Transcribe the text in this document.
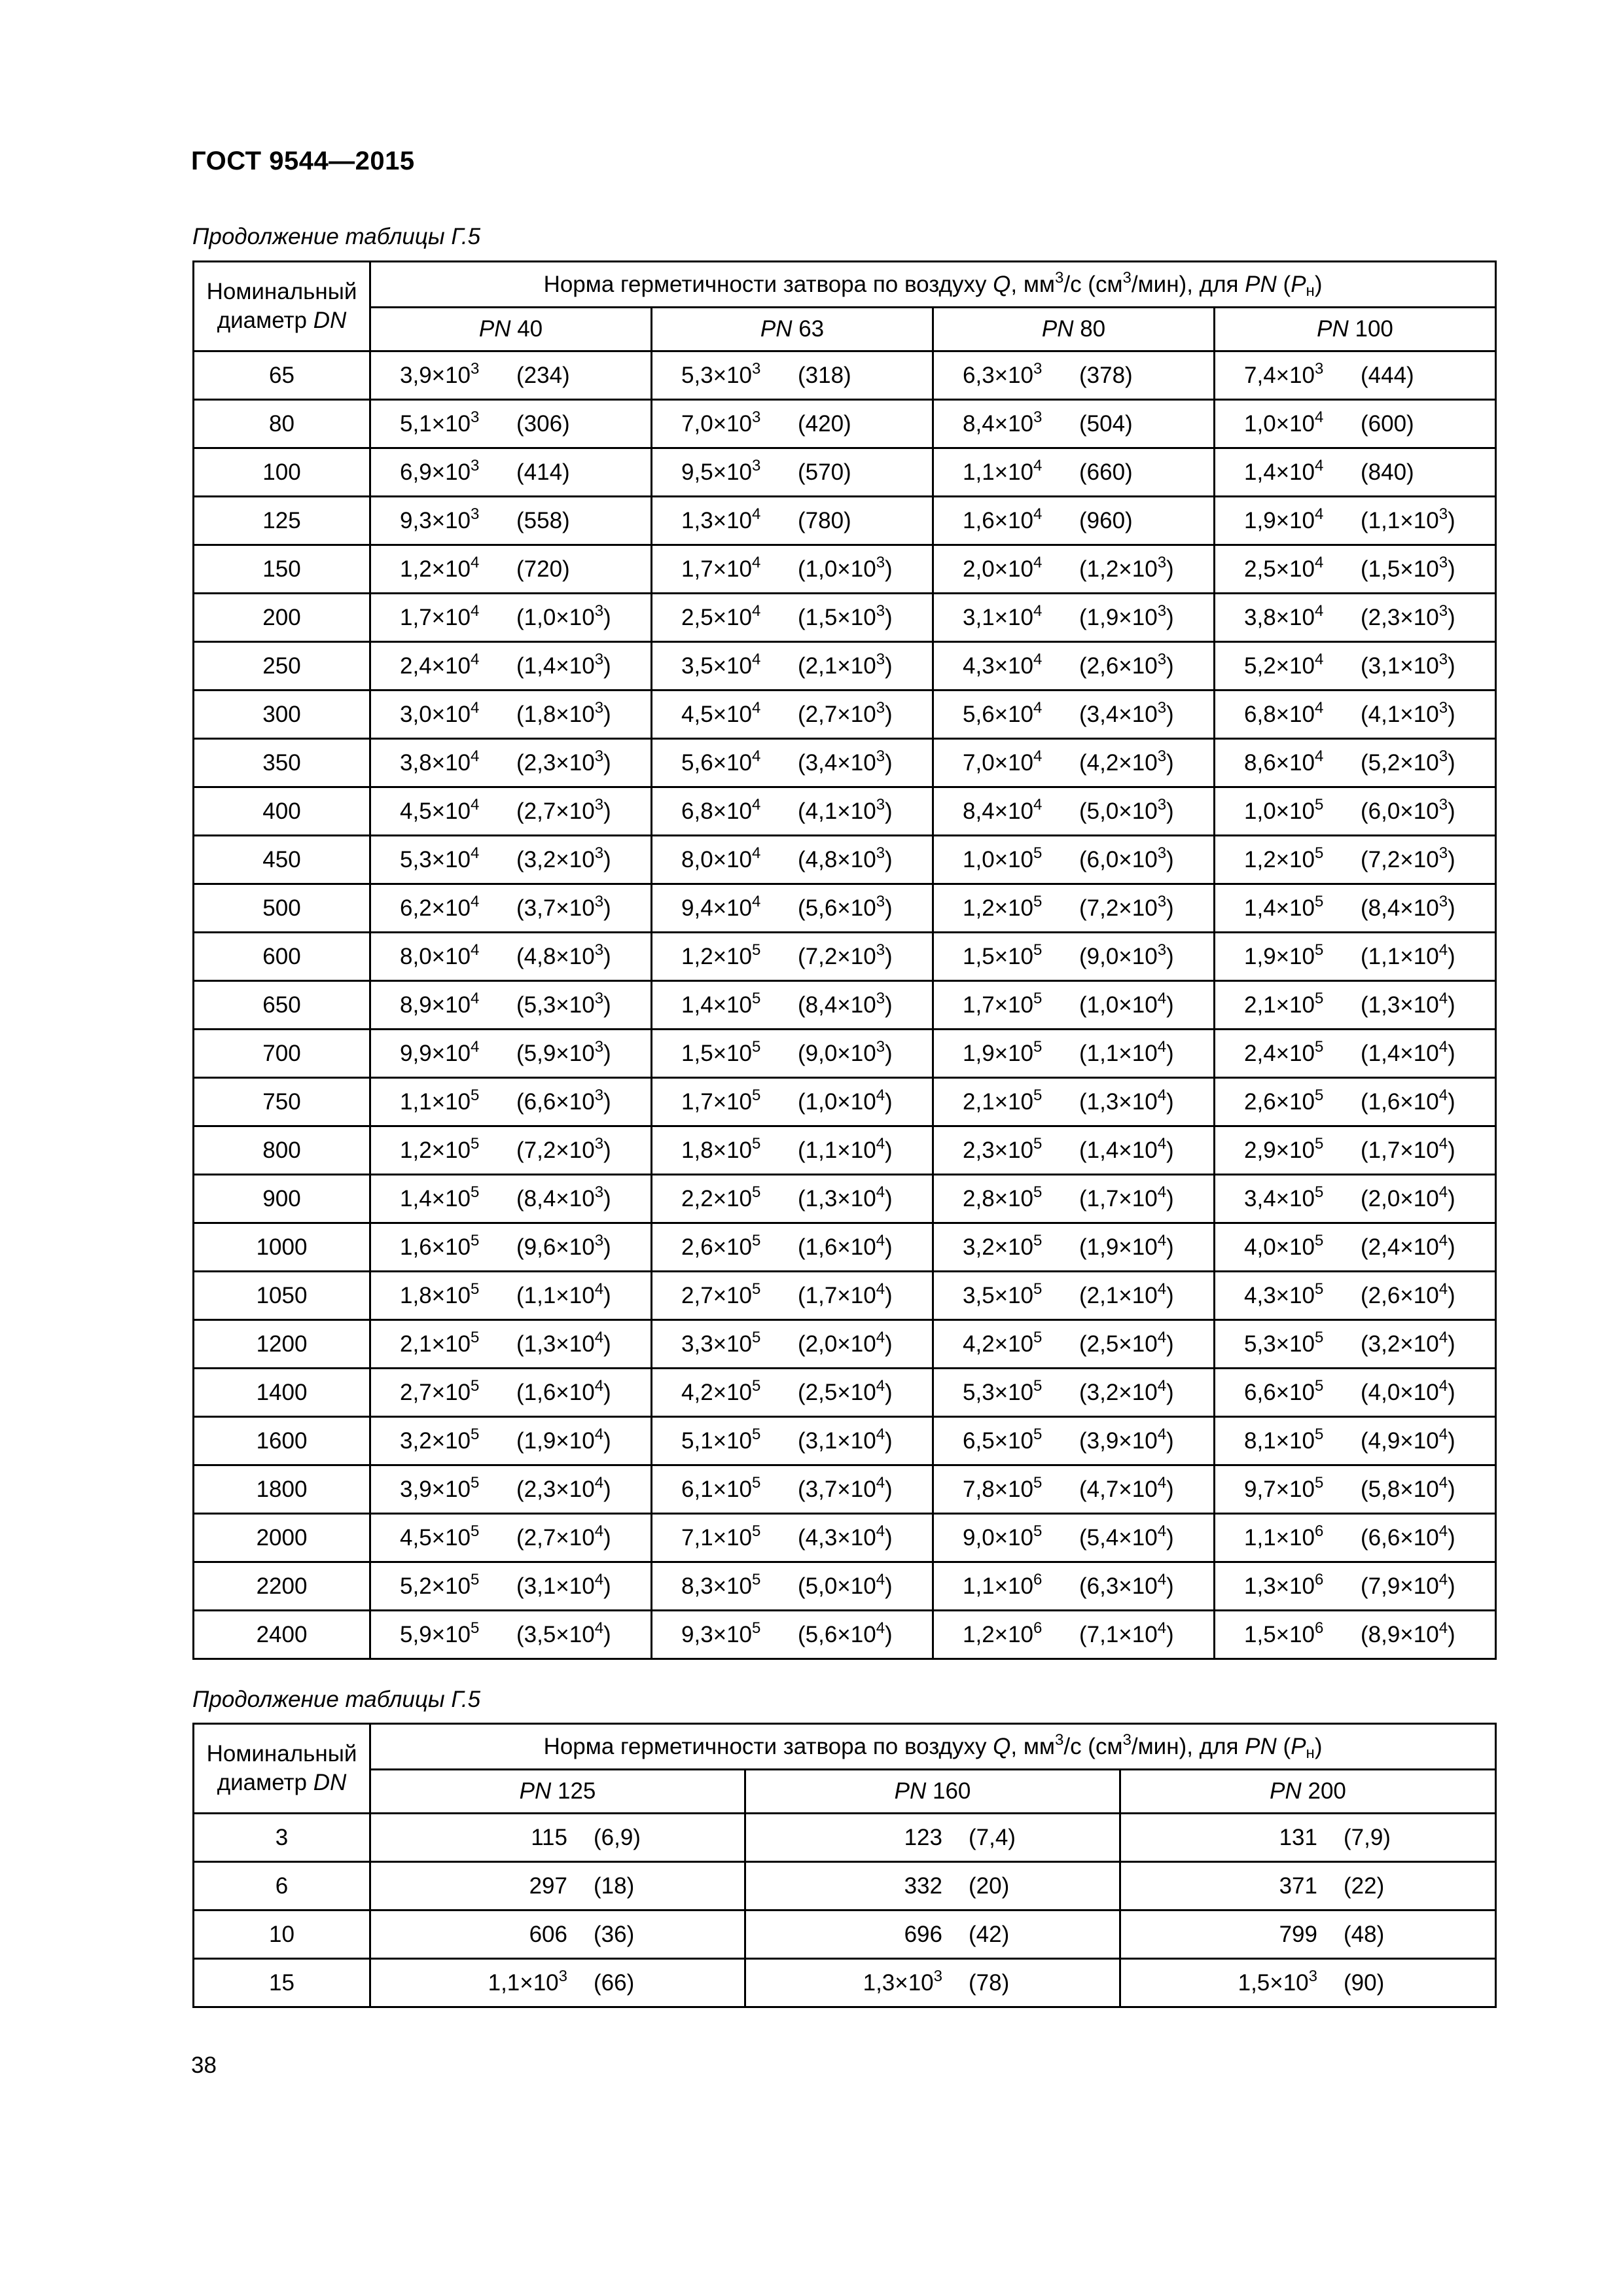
ГОСТ 9544—2015
Продолжение таблицы Г.5
Номинальный
диаметр DN	Норма герметичности затвора по воздуху Q, $мм^3/с$ $(см^3/мин)$, для PN $(P_н)$			
	PN 40	PN 63	PN 80	PN 100
65	$3,9\times 10^3$ (234)	$5,3\times 10^3$ (318)	$6,3\times 10^3$ (378)	$7,4\times 10^3$ (444)
80	$5,1\times 10^3$ (306)	$7,0\times 10^3$ (420)	$8,4\times 10^3$ (504)	$1,0\times 10^4$ (600)
100	$6,9\times 10^3$ (414)	$9,5\times 10^3$ (570)	$1,1\times 10^4$ (660)	$1,4\times 10^4$ (840)
125	$9,3\times 10^3$ (558)	$1,3\times 10^4$ (780)	$1,6\times 10^4$ (960)	$1,9\times 10^4$ $(1,1\times 10^3)$
150	$1,2\times 10^4$ (720)	$1,7\times 10^4$ $(1,0\times 10^3)$	$2,0\times 10^4$ $(1,2\times 10^3)$	$2,5\times 10^4$ $(1,5\times 10^3)$
200	$1,7\times 10^4$ $(1,0\times 10^3)$	$2,5\times 10^4$ $(1,5\times 10^3)$	$3,1\times 10^4$ $(1,9\times 10^3)$	$3,8\times 10^4$ $(2,3\times 10^3)$
250	$2,4\times 10^4$ $(1,4\times 10^3)$	$3,5\times 10^4$ $(2,1\times 10^3)$	$4,3\times 10^4$ $(2,6\times 10^3)$	$5,2\times 10^4$ $(3,1\times 10^3)$
300	$3,0\times 10^4$ $(1,8\times 10^3)$	$4,5\times 10^4$ $(2,7\times 10^3)$	$5,6\times 10^4$ $(3,4\times 10^3)$	$6,8\times 10^4$ $(4,1\times 10^3)$
350	$3,8\times 10^4$ $(2,3\times 10^3)$	$5,6\times 10^4$ $(3,4\times 10^3)$	$7,0\times 10^4$ $(4,2\times 10^3)$	$8,6\times 10^4$ $(5,2\times 10^3)$
400	$4,5\times 10^4$ $(2,7\times 10^3)$	$6,8\times 10^4$ $(4,1\times 10^3)$	$8,4\times 10^4$ $(5,0\times 10^3)$	$1,0\times 10^5$ $(6,0\times 10^3)$
450	$5,3\times 10^4$ $(3,2\times 10^3)$	$8,0\times 10^4$ $(4,8\times 10^3)$	$1,0\times 10^5$ $(6,0\times 10^3)$	$1,2\times 10^5$ $(7,2\times 10^3)$
500	$6,2\times 10^4$ $(3,7\times 10^3)$	$9,4\times 10^4$ $(5,6\times 10^3)$	$1,2\times 10^5$ $(7,2\times 10^3)$	$1,4\times 10^5$ $(8,4\times 10^3)$
600	$8,0\times 10^4$ $(4,8\times 10^3)$	$1,2\times 10^5$ $(7,2\times 10^3)$	$1,5\times 10^5$ $(9,0\times 10^3)$	$1,9\times 10^5$ $(1,1\times 10^4)$
650	$8,9\times 10^4$ $(5,3\times 10^3)$	$1,4\times 10^5$ $(8,4\times 10^3)$	$1,7\times 10^5$ $(1,0\times 10^4)$	$2,1\times 10^5$ $(1,3\times 10^4)$
700	$9,9\times 10^4$ $(5,9\times 10^3)$	$1,5\times 10^5$ $(9,0\times 10^3)$	$1,9\times 10^5$ $(1,1\times 10^4)$	$2,4\times 10^5$ $(1,4\times 10^4)$
750	$1,1\times 10^5$ $(6,6\times 10^3)$	$1,7\times 10^5$ $(1,0\times 10^4)$	$2,1\times 10^5$ $(1,3\times 10^4)$	$2,6\times 10^5$ $(1,6\times 10^4)$
800	$1,2\times 10^5$ $(7,2\times 10^3)$	$1,8\times 10^5$ $(1,1\times 10^4)$	$2,3\times 10^5$ $(1,4\times 10^4)$	$2,9\times 10^5$ $(1,7\times 10^4)$
900	$1,4\times 10^5$ $(8,4\times 10^3)$	$2,2\times 10^5$ $(1,3\times 10^4)$	$2,8\times 10^5$ $(1,7\times 10^4)$	$3,4\times 10^5$ $(2,0\times 10^4)$
1000	$1,6\times 10^5$ $(9,6\times 10^3)$	$2,6\times 10^5$ $(1,6\times 10^4)$	$3,2\times 10^5$ $(1,9\times 10^4)$	$4,0\times 10^5$ $(2,4\times 10^4)$
1050	$1,8\times 10^5$ $(1,1\times 10^4)$	$2,7\times 10^5$ $(1,7\times 10^4)$	$3,5\times 10^5$ $(2,1\times 10^4)$	$4,3\times 10^5$ $(2,6\times 10^4)$
1200	$2,1\times 10^5$ $(1,3\times 10^4)$	$3,3\times 10^5$ $(2,0\times 10^4)$	$4,2\times 10^5$ $(2,5\times 10^4)$	$5,3\times 10^5$ $(3,2\times 10^4)$
1400	$2,7\times 10^5$ $(1,6\times 10^4)$	$4,2\times 10^5$ $(2,5\times 10^4)$	$5,3\times 10^5$ $(3,2\times 10^4)$	$6,6\times 10^5$ $(4,0\times 10^4)$
1600	$3,2\times 10^5$ $(1,9\times 10^4)$	$5,1\times 10^5$ $(3,1\times 10^4)$	$6,5\times 10^5$ $(3,9\times 10^4)$	$8,1\times 10^5$ $(4,9\times 10^4)$
1800	$3,9\times 10^5$ $(2,3\times 10^4)$	$6,1\times 10^5$ $(3,7\times 10^4)$	$7,8\times 10^5$ $(4,7\times 10^4)$	$9,7\times 10^5$ $(5,8\times 10^4)$
2000	$4,5\times 10^5$ $(2,7\times 10^4)$	$7,1\times 10^5$ $(4,3\times 10^4)$	$9,0\times 10^5$ $(5,4\times 10^4)$	$1,1\times 10^6$ $(6,6\times 10^4)$
2200	$5,2\times 10^5$ $(3,1\times 10^4)$	$8,3\times 10^5$ $(5,0\times 10^4)$	$1,1\times 10^6$ $(6,3\times 10^4)$	$1,3\times 10^6$ $(7,9\times 10^4)$
2400	$5,9\times 10^5$ $(3,5\times 10^4)$	$9,3\times 10^5$ $(5,6\times 10^4)$	$1,2\times 10^6$ $(7,1\times 10^4)$	$1,5\times 10^6$ $(8,9\times 10^4)$
Продолжение таблицы Г.5
Номинальный
диаметр DN	Норма герметичности затвора по воздуху Q, $мм^3/с$ $(см^3/мин)$, для PN $(P_н)$		
	PN 125	PN 160	PN 200
3	115 (6,9)	123 (7,4)	131 (7,9)
6	297 (18)	332 (20)	371 (22)
10	606 (36)	696 (42)	799 (48)
15	$1,1\times 10^3$ (66)	$1,3\times 10^3$ (78)	$1,5\times 10^3$ (90)
38
